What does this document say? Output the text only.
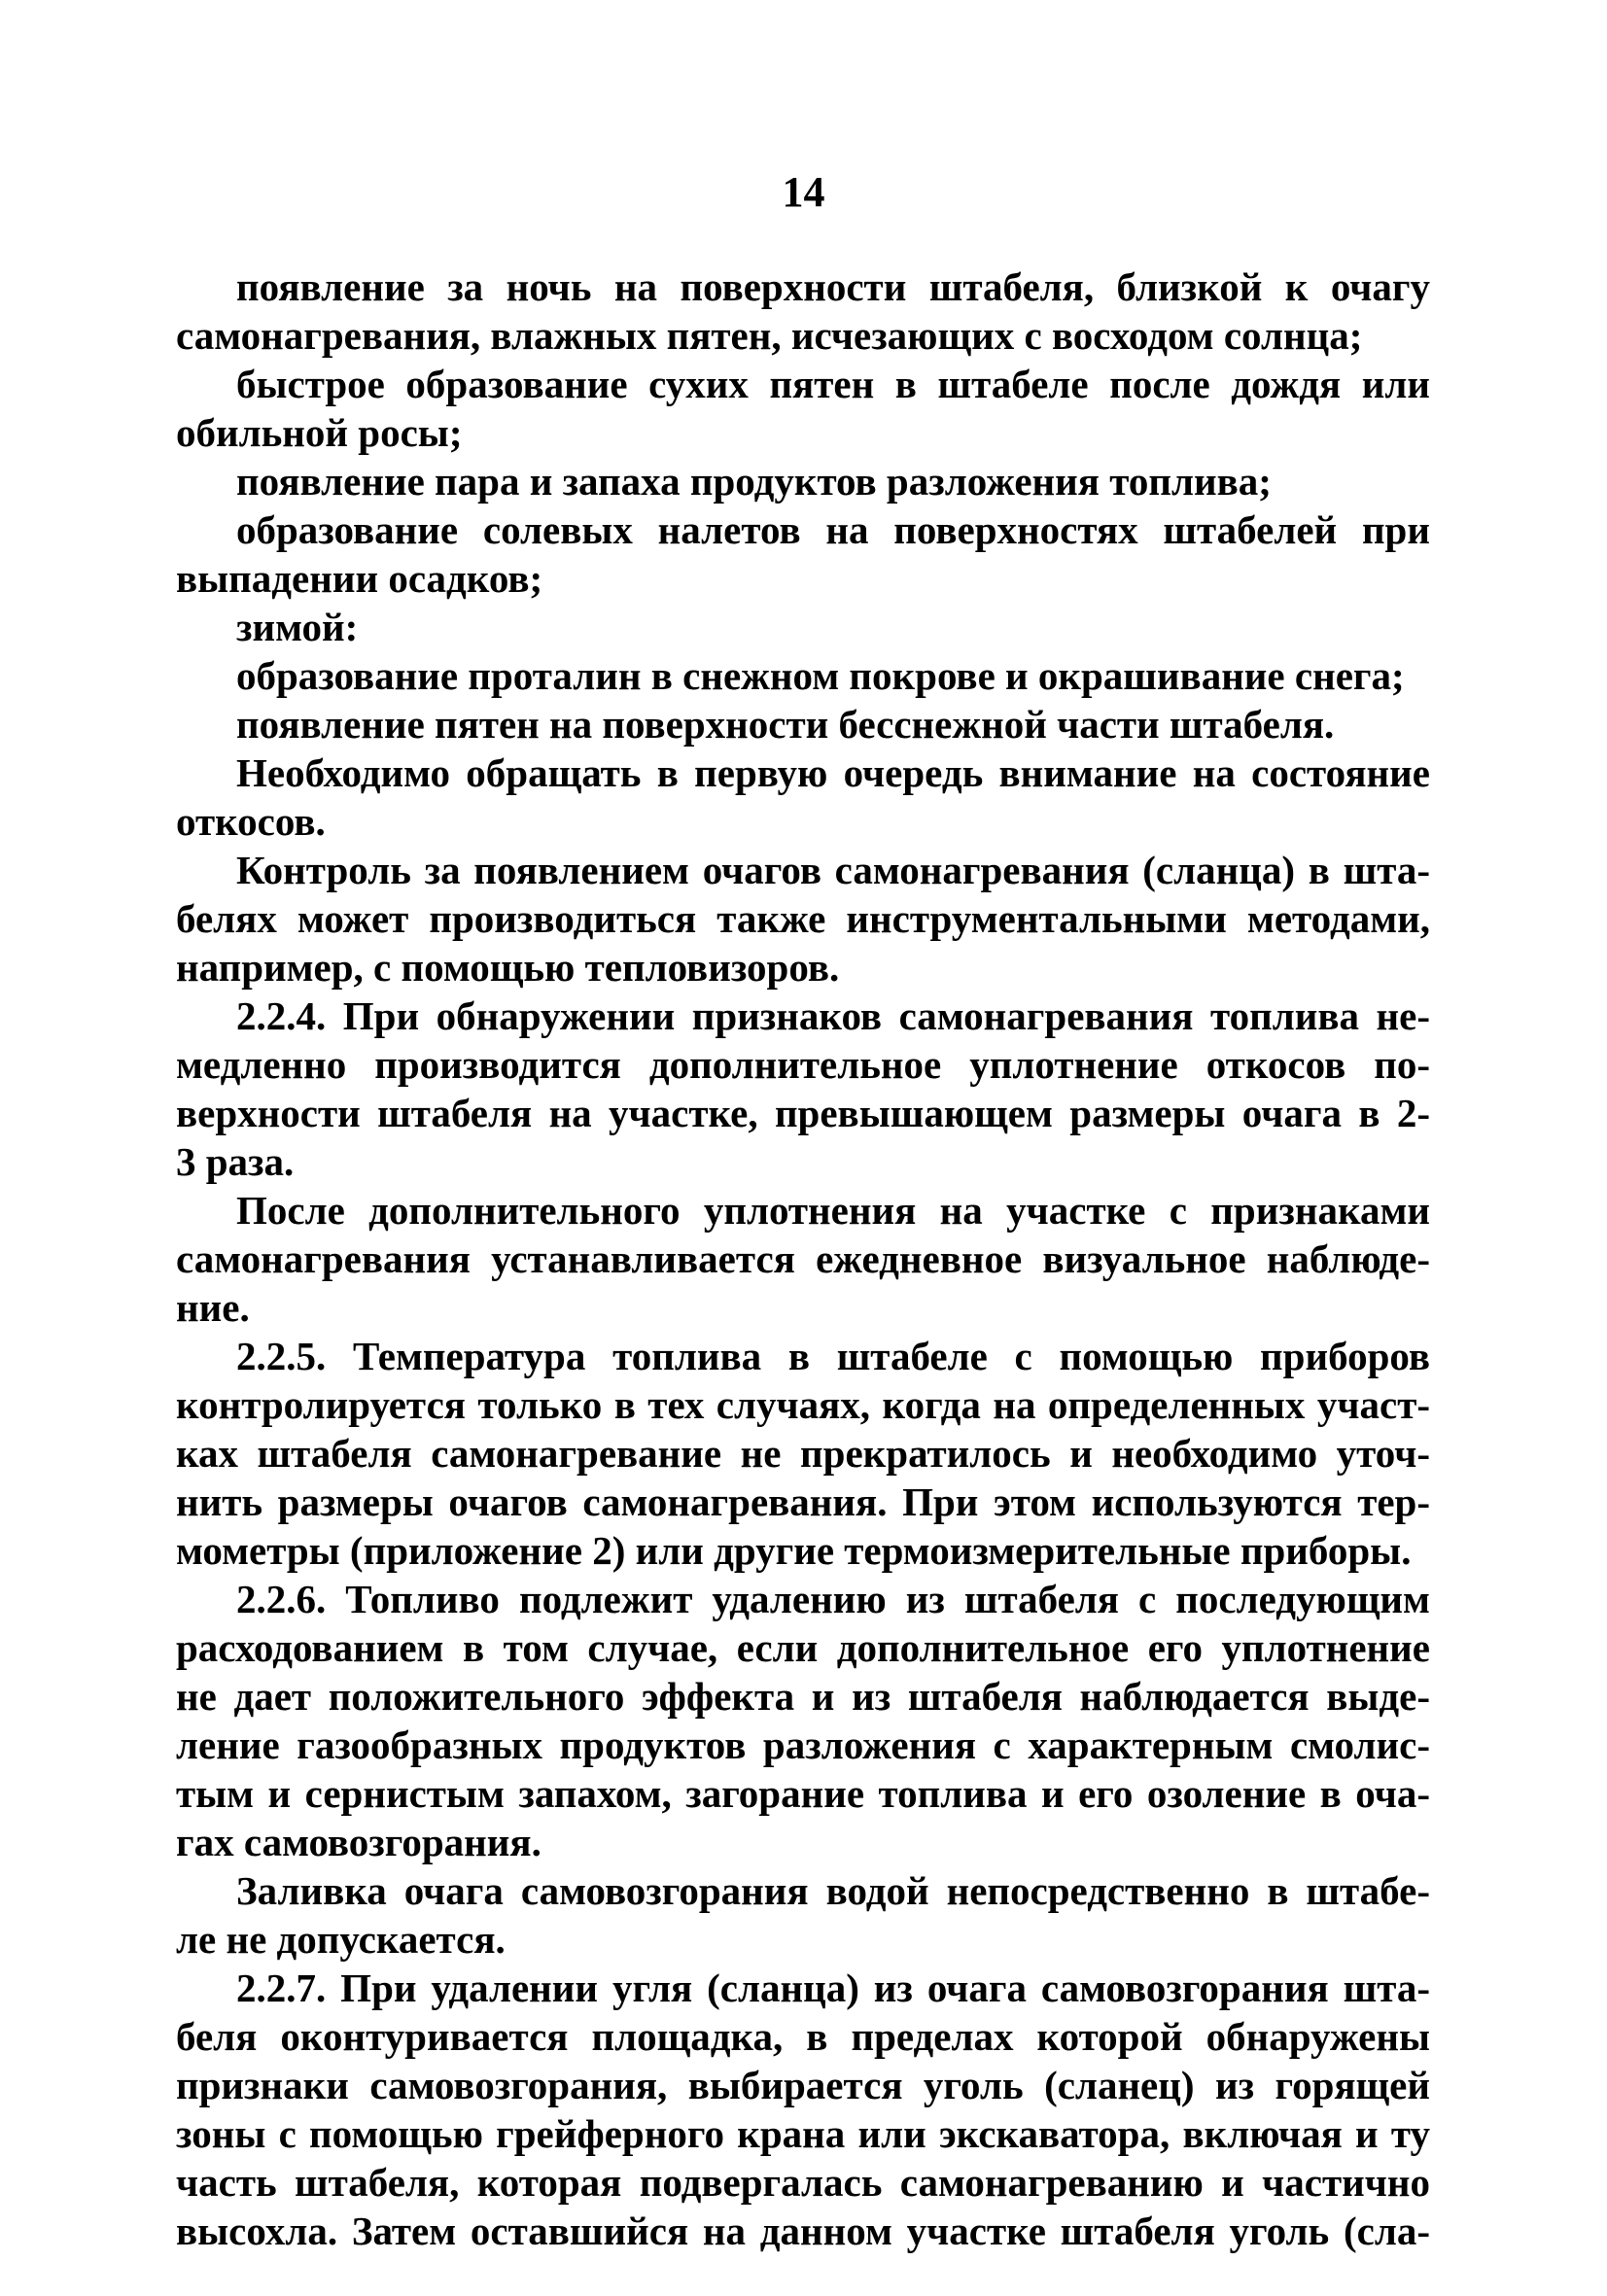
14
появление за ночь на поверхности штабеля, близкой к очагу
самонагревания, влажных пятен, исчезающих с восходом солнца;
быстрое образование сухих пятен в штабеле после дождя или
обильной росы;
появление пара и запаха продуктов разложения топлива;
образование солевых налетов на поверхностях штабелей при
выпадении осадков;
зимой:
образование проталин в снежном покрове и окрашивание снега;
появление пятен на поверхности бесснежной части штабеля.
Необходимо обращать в первую очередь внимание на состояние
откосов.
Контроль за появлением очагов самонагревания (сланца) в шта-
белях может производиться также инструментальными методами,
например, с помощью тепловизоров.
2.2.4. При обнаружении признаков самонагревания топлива не-
медленно производится дополнительное уплотнение откосов по-
верхности штабеля на участке, превышающем размеры очага в 2-
3 раза.
После дополнительного уплотнения на участке с признаками
самонагревания устанавливается ежедневное визуальное наблюде-
ние.
2.2.5. Температура топлива в штабеле с помощью приборов
контролируется только в тех случаях, когда на определенных участ-
ках штабеля самонагревание не прекратилось и необходимо уточ-
нить размеры очагов самонагревания. При этом используются тер-
мометры (приложение 2) или другие термоизмерительные приборы.
2.2.6. Топливо подлежит удалению из штабеля с последующим
расходованием в том случае, если дополнительное его уплотнение
не дает положительного эффекта и из штабеля наблюдается выде-
ление газообразных продуктов разложения с характерным смолис-
тым и сернистым запахом, загорание топлива и его озоление в оча-
гах самовозгорания.
Заливка очага самовозгорания водой непосредственно в штабе-
ле не допускается.
2.2.7. При удалении угля (сланца) из очага самовозгорания шта-
беля оконтуривается площадка, в пределах которой обнаружены
признаки самовозгорания, выбирается уголь (сланец) из горящей
зоны с помощью грейферного крана или экскаватора, включая и ту
часть штабеля, которая подвергалась самонагреванию и частично
высохла. Затем оставшийся на данном участке штабеля уголь (сла-
